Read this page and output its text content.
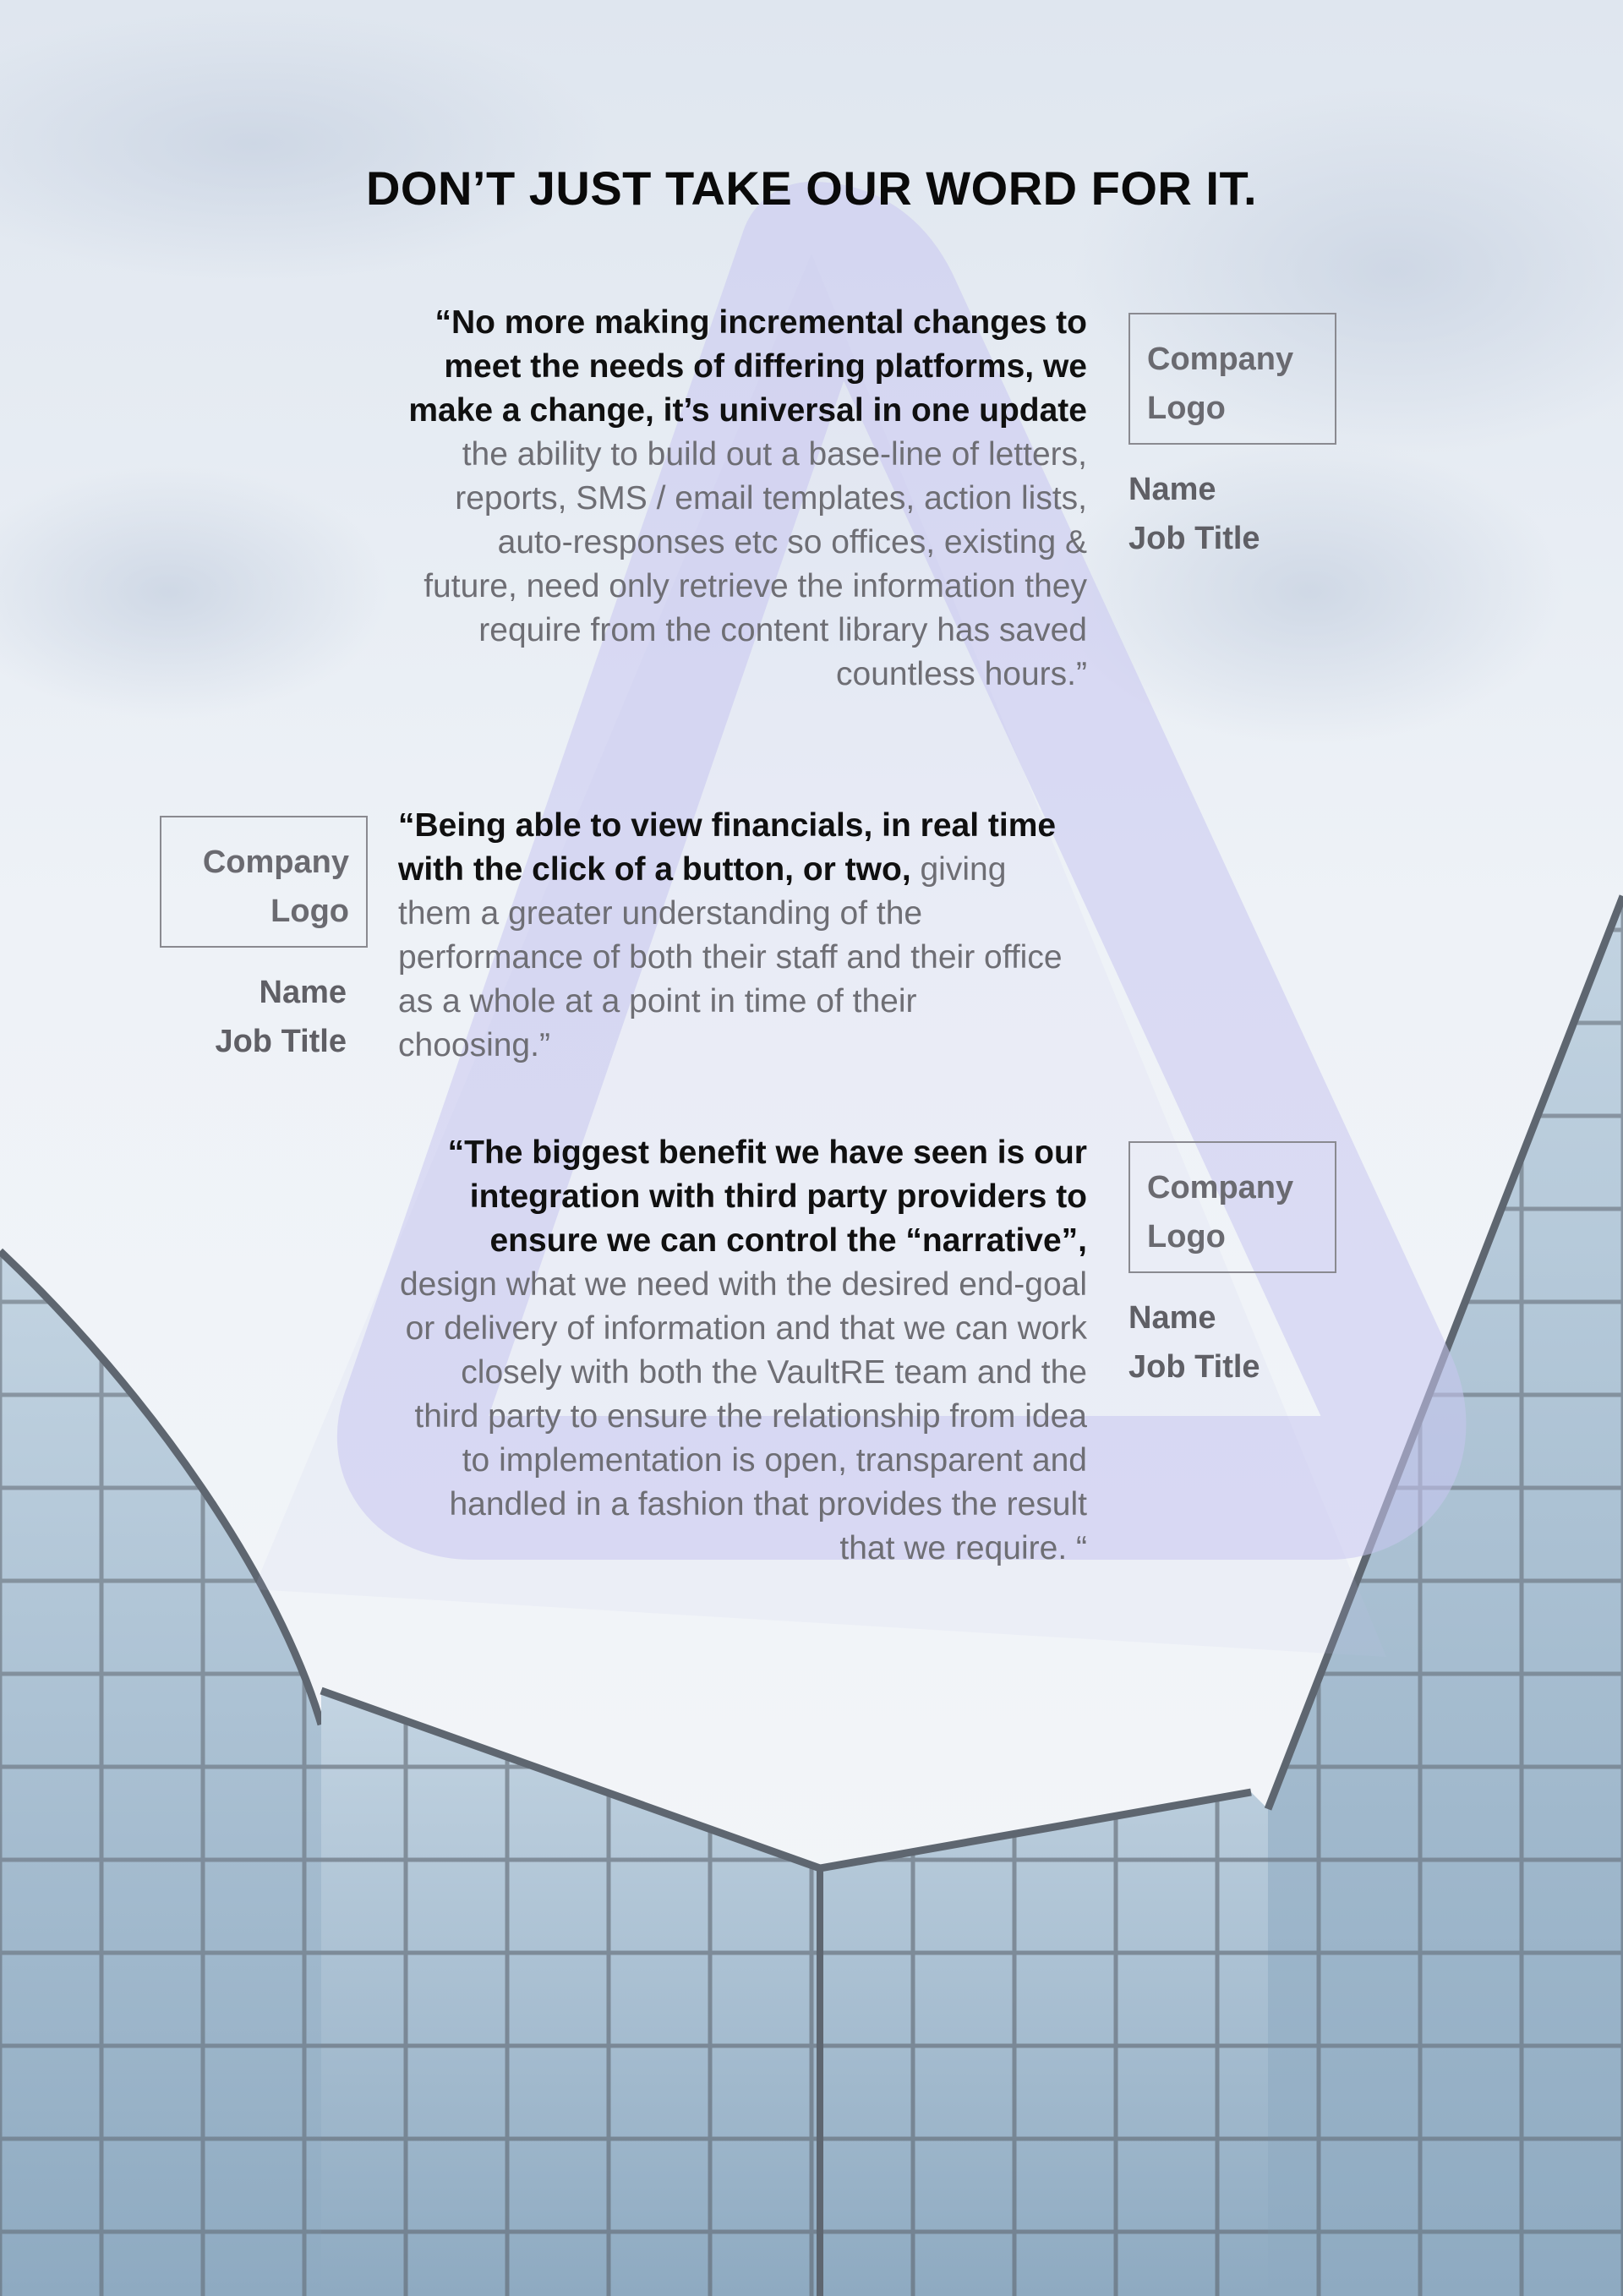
DON’T JUST TAKE OUR WORD FOR IT.

“No more making incremental changes to meet the needs of differing platforms, we make a change, it’s universal in one update the ability to build out a base-line of letters, reports, SMS / email templates, action lists, auto-responses etc so offices, existing & future, need only retrieve the information they require from the content library has saved countless hours.”

Company Logo
Name
Job Title
Company Logo
Name
Job Title

“Being able to view financials, in real time with the click of a button, or two, giving them a greater understanding of the performance of both their staff and their office as a whole at a point in time of their choosing.”

“The biggest benefit we have seen is our integration with third party providers to ensure we can control the “narrative”, design what we need with the desired end-goal or delivery of information and that we can work closely with both the VaultRE team and the third party to ensure the relationship from idea to implementation is open, transparent and handled in a fashion that provides the result that we require. “

Company Logo
Name
Job Title
